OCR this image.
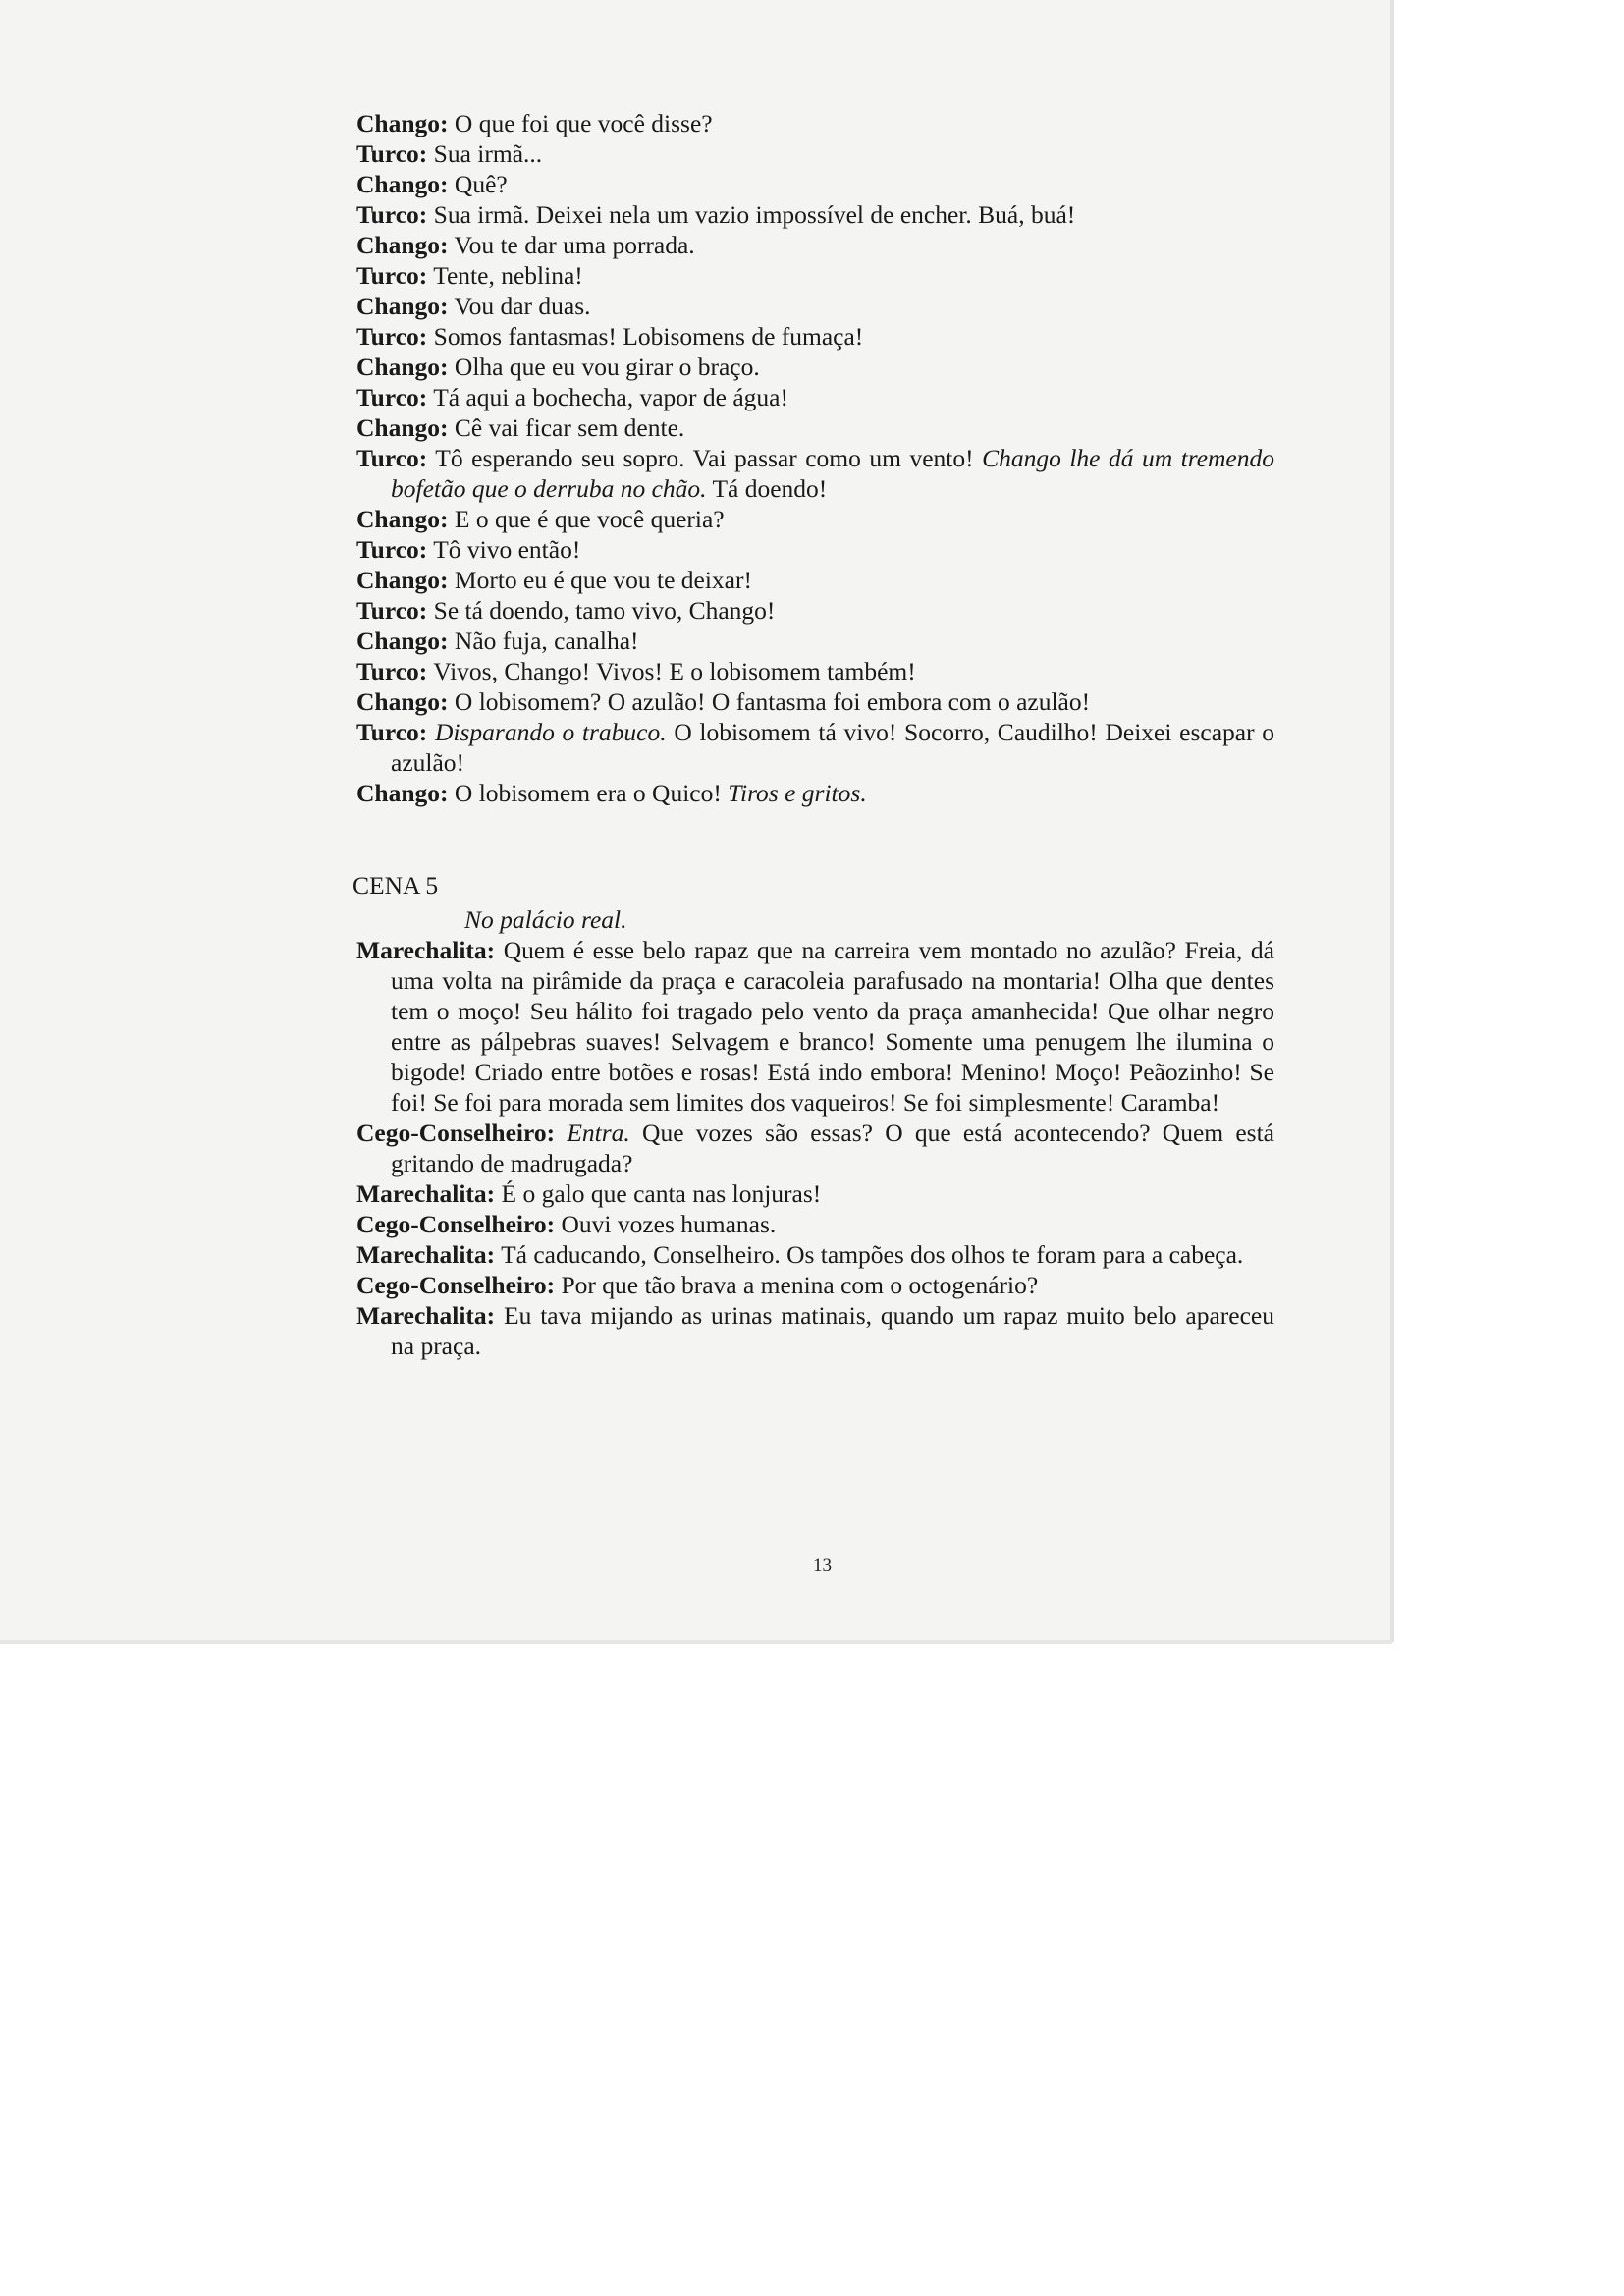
Chango: O que foi que você disse?

Turco: Sua irmã...

Chango: Quê?

Turco: Sua irmã. Deixei nela um vazio impossível de encher. Buá, buá!

Chango: Vou te dar uma porrada.

Turco: Tente, neblina!

Chango: Vou dar duas.

Turco: Somos fantasmas! Lobisomens de fumaça!

Chango: Olha que eu vou girar o braço.

Turco: Tá aqui a bochecha, vapor de água!

Chango: Cê vai ficar sem dente.

Turco: Tô esperando seu sopro. Vai passar como um vento! Chango lhe dá um tremendo bofetão que o derruba no chão. Tá doendo!

Chango: E o que é que você queria?

Turco: Tô vivo então!

Chango: Morto eu é que vou te deixar!

Turco: Se tá doendo, tamo vivo, Chango!

Chango: Não fuja, canalha!

Turco: Vivos, Chango! Vivos! E o lobisomem também!

Chango: O lobisomem? O azulão! O fantasma foi embora com o azulão!

Turco: Disparando o trabuco. O lobisomem tá vivo! Socorro, Caudilho! Deixei escapar o azulão!

Chango: O lobisomem era o Quico! Tiros e gritos.

CENA 5

No palácio real.

Marechalita: Quem é esse belo rapaz que na carreira vem montado no azulão? Freia, dá uma volta na pirâmide da praça e caracoleia parafusado na montaria! Olha que dentes tem o moço! Seu hálito foi tragado pelo vento da praça amanhecida! Que olhar negro entre as pálpebras suaves! Selvagem e branco! Somente uma penugem lhe ilumina o bigode! Criado entre botões e rosas! Está indo embora! Menino! Moço! Peãozinho! Se foi! Se foi para morada sem limites dos vaqueiros! Se foi simplesmente! Caramba!

Cego-Conselheiro: Entra. Que vozes são essas? O que está acontecendo? Quem está gritando de madrugada?

Marechalita: É o galo que canta nas lonjuras!

Cego-Conselheiro: Ouvi vozes humanas.

Marechalita: Tá caducando, Conselheiro. Os tampões dos olhos te foram para a cabeça.

Cego-Conselheiro: Por que tão brava a menina com o octogenário?

Marechalita: Eu tava mijando as urinas matinais, quando um rapaz muito belo apareceu na praça.

13
